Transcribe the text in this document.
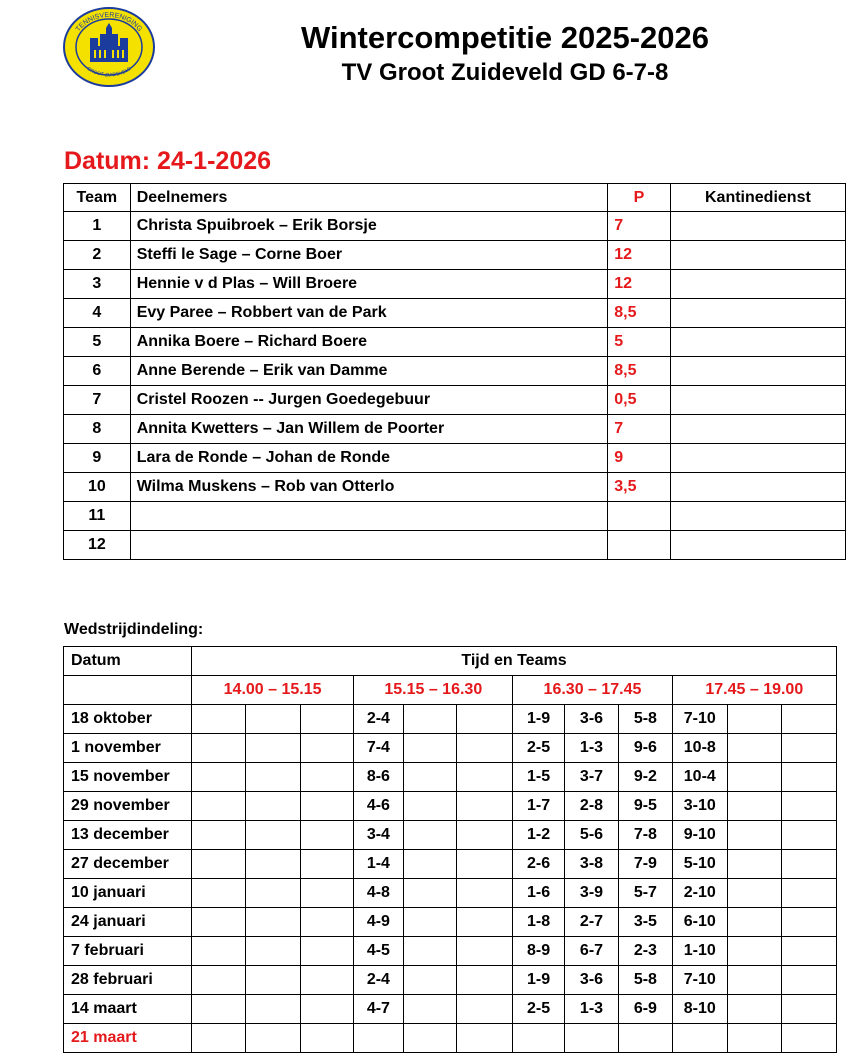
TENNISVERENIGING
GROOT ZUIDEVELD
Wintercompetitie 2025-2026
TV Groot Zuideveld GD 6-7-8
Datum: 24-1-2026
Team	Deelnemers	P	Kantinedienst
1	Christa Spuibroek – Erik Borsje	7	
2	Steffi le Sage – Corne Boer	12	
3	Hennie v d Plas – Will Broere	12	
4	Evy Paree – Robbert van de Park	8,5	
5	Annika Boere – Richard Boere	5	
6	Anne Berende – Erik van Damme	8,5	
7	Cristel Roozen -- Jurgen Goedegebuur	0,5	
8	Annita Kwetters – Jan Willem de Poorter	7	
9	Lara de Ronde – Johan de Ronde	9	
10	Wilma Muskens – Rob van Otterlo	3,5	
11			
12			
Wedstrijdindeling:
Datum	Tijd en Teams											
	14.00 – 15.15			15.15 – 16.30			16.30 – 17.45			17.45 – 19.00		
18 oktober				2-4			1-9	3-6	5-8	7-10		
1 november				7-4			2-5	1-3	9-6	10-8		
15 november				8-6			1-5	3-7	9-2	10-4		
29 november				4-6			1-7	2-8	9-5	3-10		
13 december				3-4			1-2	5-6	7-8	9-10		
27 december				1-4			2-6	3-8	7-9	5-10		
10 januari				4-8			1-6	3-9	5-7	2-10		
24 januari				4-9			1-8	2-7	3-5	6-10		
7 februari				4-5			8-9	6-7	2-3	1-10		
28 februari				2-4			1-9	3-6	5-8	7-10		
14 maart				4-7			2-5	1-3	6-9	8-10		
21 maart												
